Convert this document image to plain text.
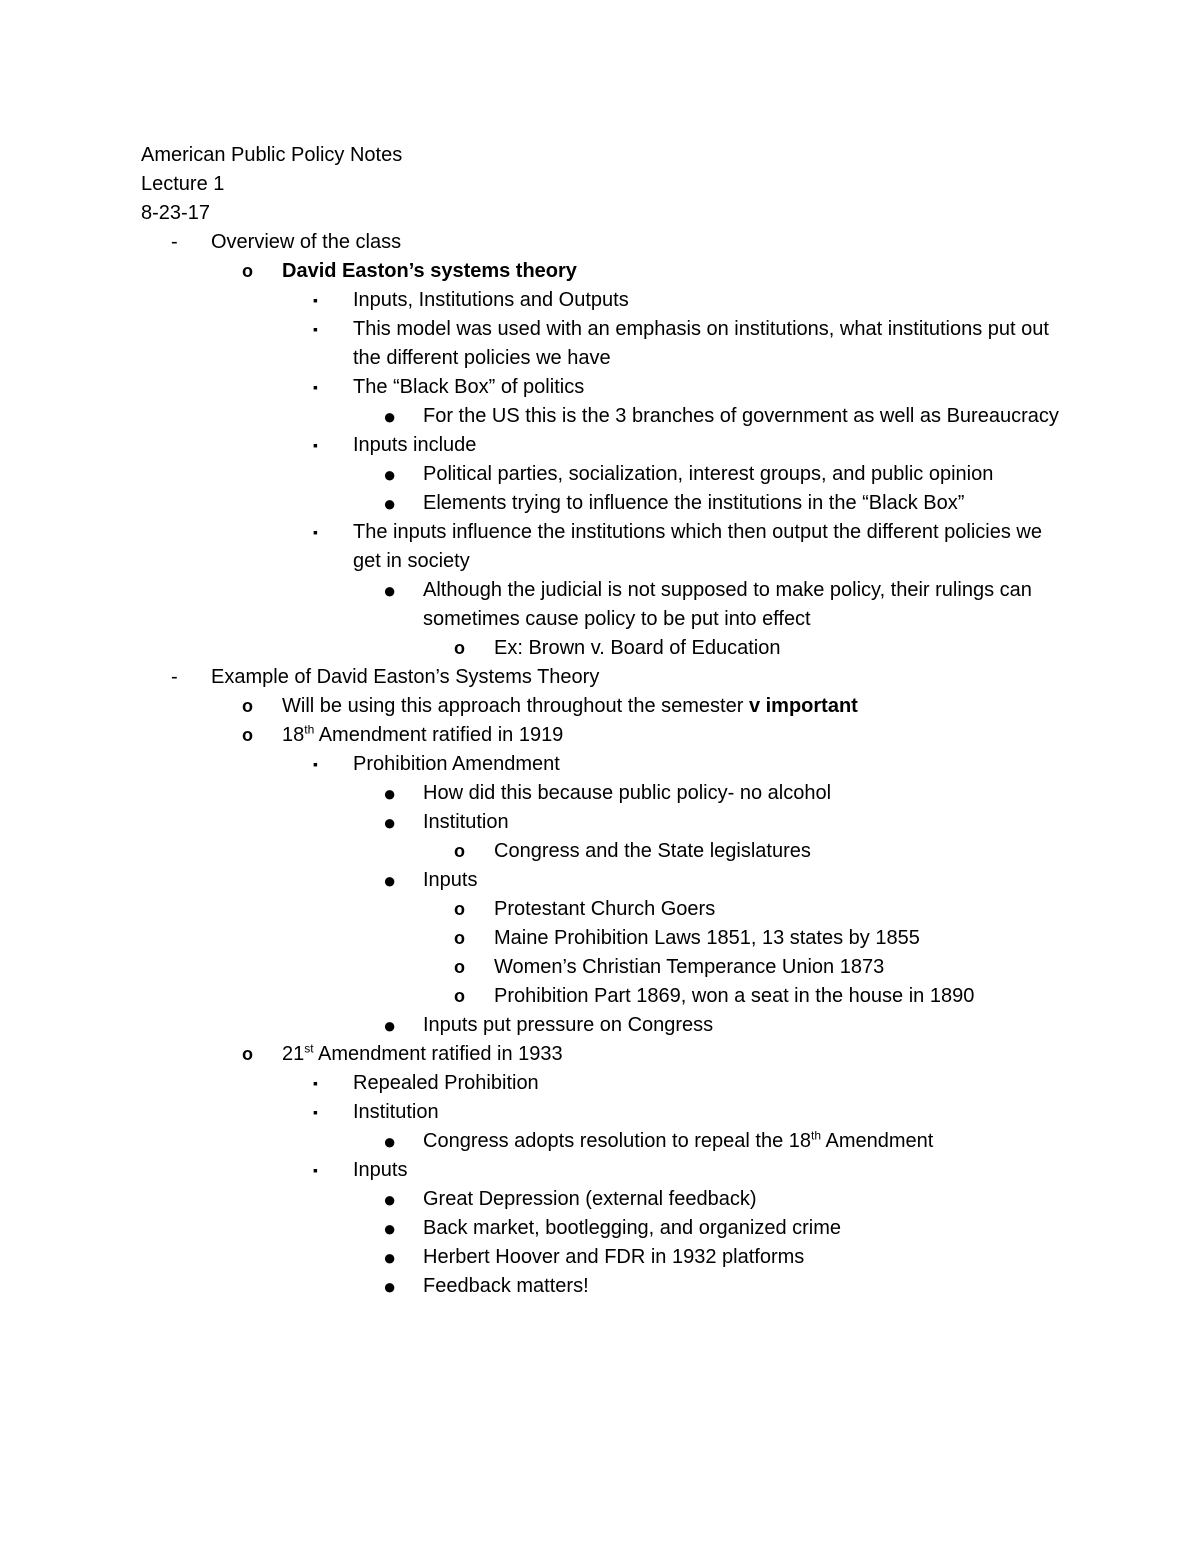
American Public Policy Notes
Lecture 1
8-23-17
-	Overview of the class
o	David Easton’s systems theory
▪	Inputs, Institutions and Outputs
▪	This model was used with an emphasis on institutions, what institutions put out the different policies we have
▪	The “Black Box” of politics
●	For the US this is the 3 branches of government as well as Bureaucracy
▪	Inputs include
●	Political parties, socialization, interest groups, and public opinion
●	Elements trying to influence the institutions in the “Black Box”
▪	The inputs influence the institutions which then output the different policies we get in society
●	Although the judicial is not supposed to make policy, their rulings can sometimes cause policy to be put into effect
o	Ex: Brown v. Board of Education
-	Example of David Easton’s Systems Theory
o	Will be using this approach throughout the semester v important
o	18th Amendment ratified in 1919
▪	Prohibition Amendment
●	How did this because public policy- no alcohol
●	Institution
o	Congress and the State legislatures
●	Inputs
o	Protestant Church Goers
o	Maine Prohibition Laws 1851, 13 states by 1855
o	Women’s Christian Temperance Union 1873
o	Prohibition Part 1869, won a seat in the house in 1890
●	Inputs put pressure on Congress
o	21st Amendment ratified in 1933
▪	Repealed Prohibition
▪	Institution
●	Congress adopts resolution to repeal the 18th Amendment
▪	Inputs
●	Great Depression (external feedback)
●	Back market, bootlegging, and organized crime
●	Herbert Hoover and FDR in 1932 platforms
●	Feedback matters!
